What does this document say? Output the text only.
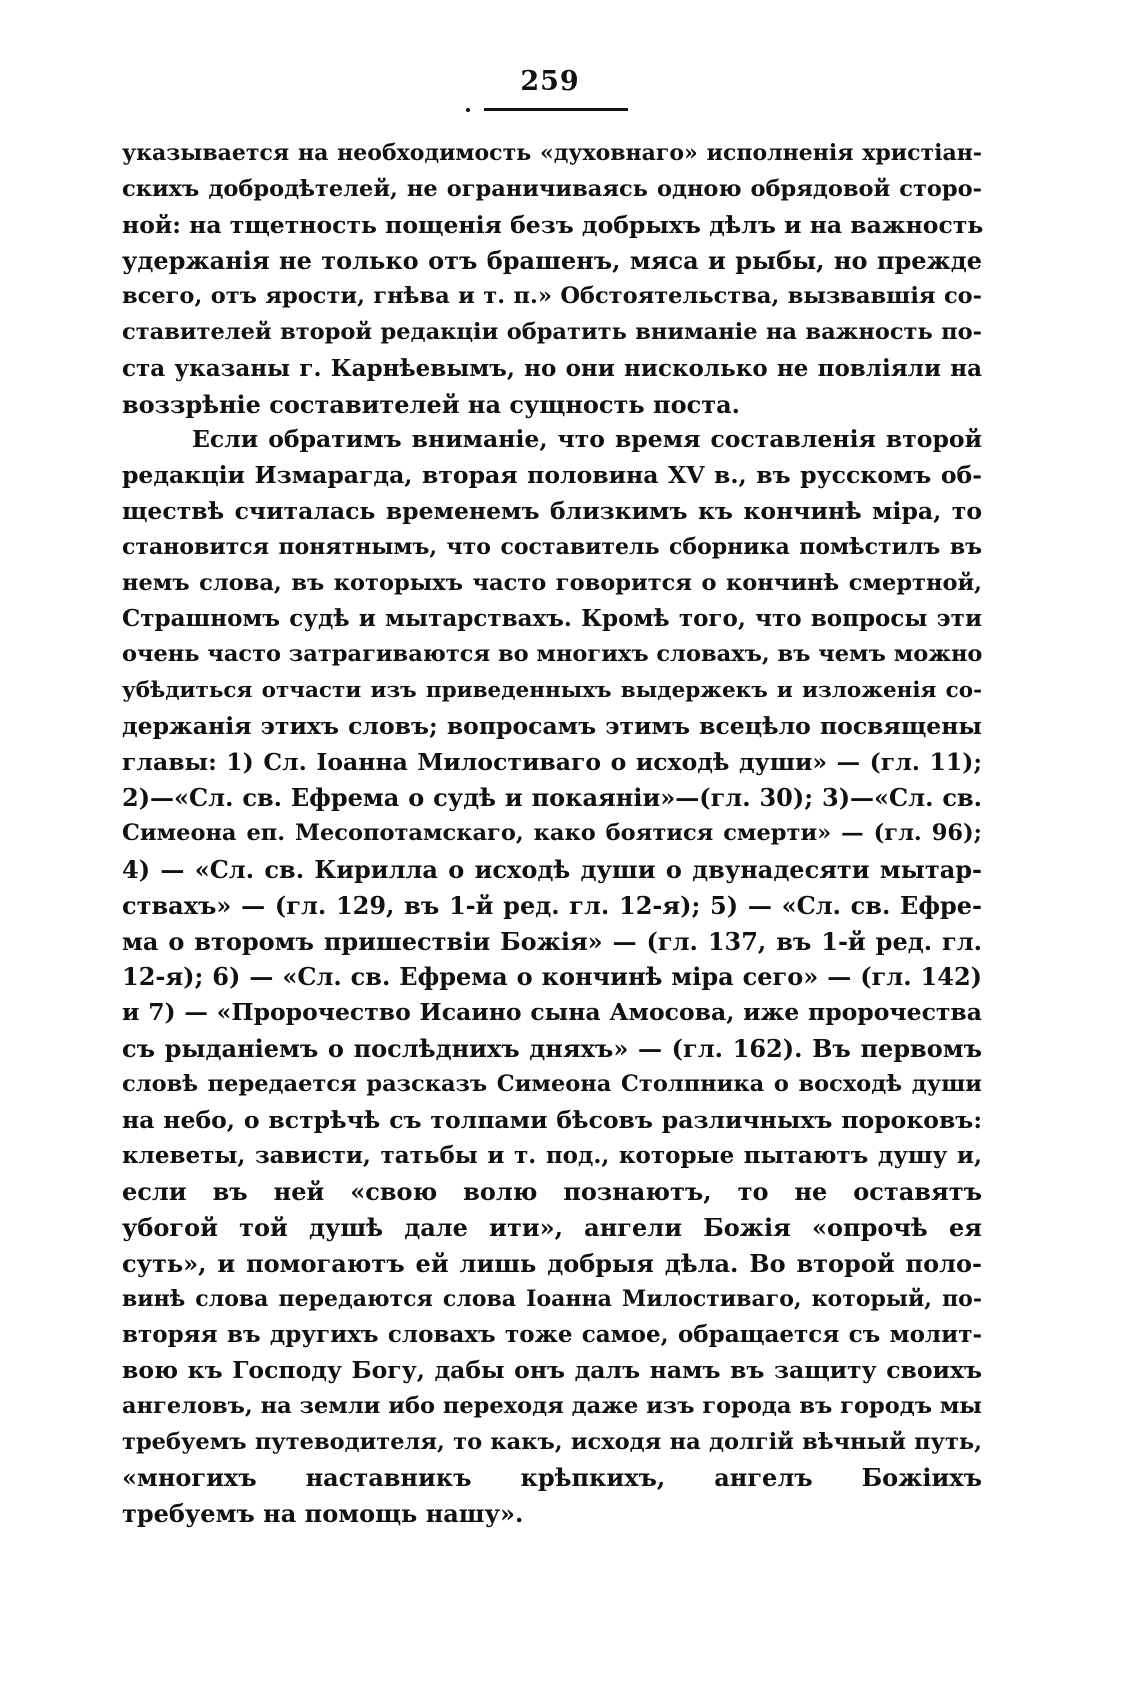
259
указывается на необходимость «духовнаго» исполненія христіан-
скихъ добродѣтелей, не ограничиваясь одною обрядовой сторо-
ной: на тщетность пощенія безъ добрыхъ дѣлъ и на важность
удержанія не только отъ брашенъ, мяса и рыбы, но прежде
всего, отъ ярости, гнѣва и т. п.» Обстоятельства, вызвавшія со-
ставителей второй редакціи обратить вниманіе на важность по-
ста указаны г. Карнѣевымъ, но они нисколько не повліяли на
воззрѣніе составителей на сущность поста.
Если обратимъ вниманіе, что время составленія второй
редакціи Измарагда, вторая половина XV в., въ русскомъ об-
ществѣ считалась временемъ близкимъ къ кончинѣ міра, то
становится понятнымъ, что составитель сборника помѣстилъ въ
немъ слова, въ которыхъ часто говорится о кончинѣ смертной,
Страшномъ судѣ и мытарствахъ. Кромѣ того, что вопросы эти
очень часто затрагиваются во многихъ словахъ, въ чемъ можно
убѣдиться отчасти изъ приведенныхъ выдержекъ и изложенія со-
держанія этихъ словъ; вопросамъ этимъ всецѣло посвящены
главы: 1) Сл. Іоанна Милостиваго о исходѣ души» — (гл. 11);
2)—«Сл. св. Ефрема о судѣ и покаяніи»—(гл. 30); 3)—«Сл. св.
Симеона еп. Месопотамскаго, како боятися смерти» — (гл. 96);
4) — «Сл. св. Кирилла о исходѣ души о двунадесяти мытар-
ствахъ» — (гл. 129, въ 1-й ред. гл. 12-я); 5) — «Сл. св. Ефре-
ма о второмъ пришествіи Божія» — (гл. 137, въ 1-й ред. гл.
12-я); 6) — «Сл. св. Ефрема о кончинѣ міра сего» — (гл. 142)
и 7) — «Пророчество Исаино сына Амосова, иже пророчества
съ рыданіемъ о послѣднихъ дняхъ» — (гл. 162). Въ первомъ
словѣ передается разсказъ Симеона Столпника о восходѣ души
на небо, о встрѣчѣ съ толпами бѣсовъ различныхъ пороковъ:
клеветы, зависти, татьбы и т. под., которые пытаютъ душу и,
если въ ней «свою волю познаютъ, то не оставятъ
убогой той душѣ дале ити», ангели Божія «опрочѣ ея
суть», и помогаютъ ей лишь добрыя дѣла. Во второй поло-
винѣ слова передаются слова Іоанна Милостиваго, который, по-
вторяя въ другихъ словахъ тоже самое, обращается съ молит-
вою къ Господу Богу, дабы онъ далъ намъ въ защиту своихъ
ангеловъ, на земли ибо переходя даже изъ города въ городъ мы
требуемъ путеводителя, то какъ, исходя на долгій вѣчный путь,
«многихъ наставникъ крѣпкихъ, ангелъ Божіихъ
требуемъ на помощь нашу».
